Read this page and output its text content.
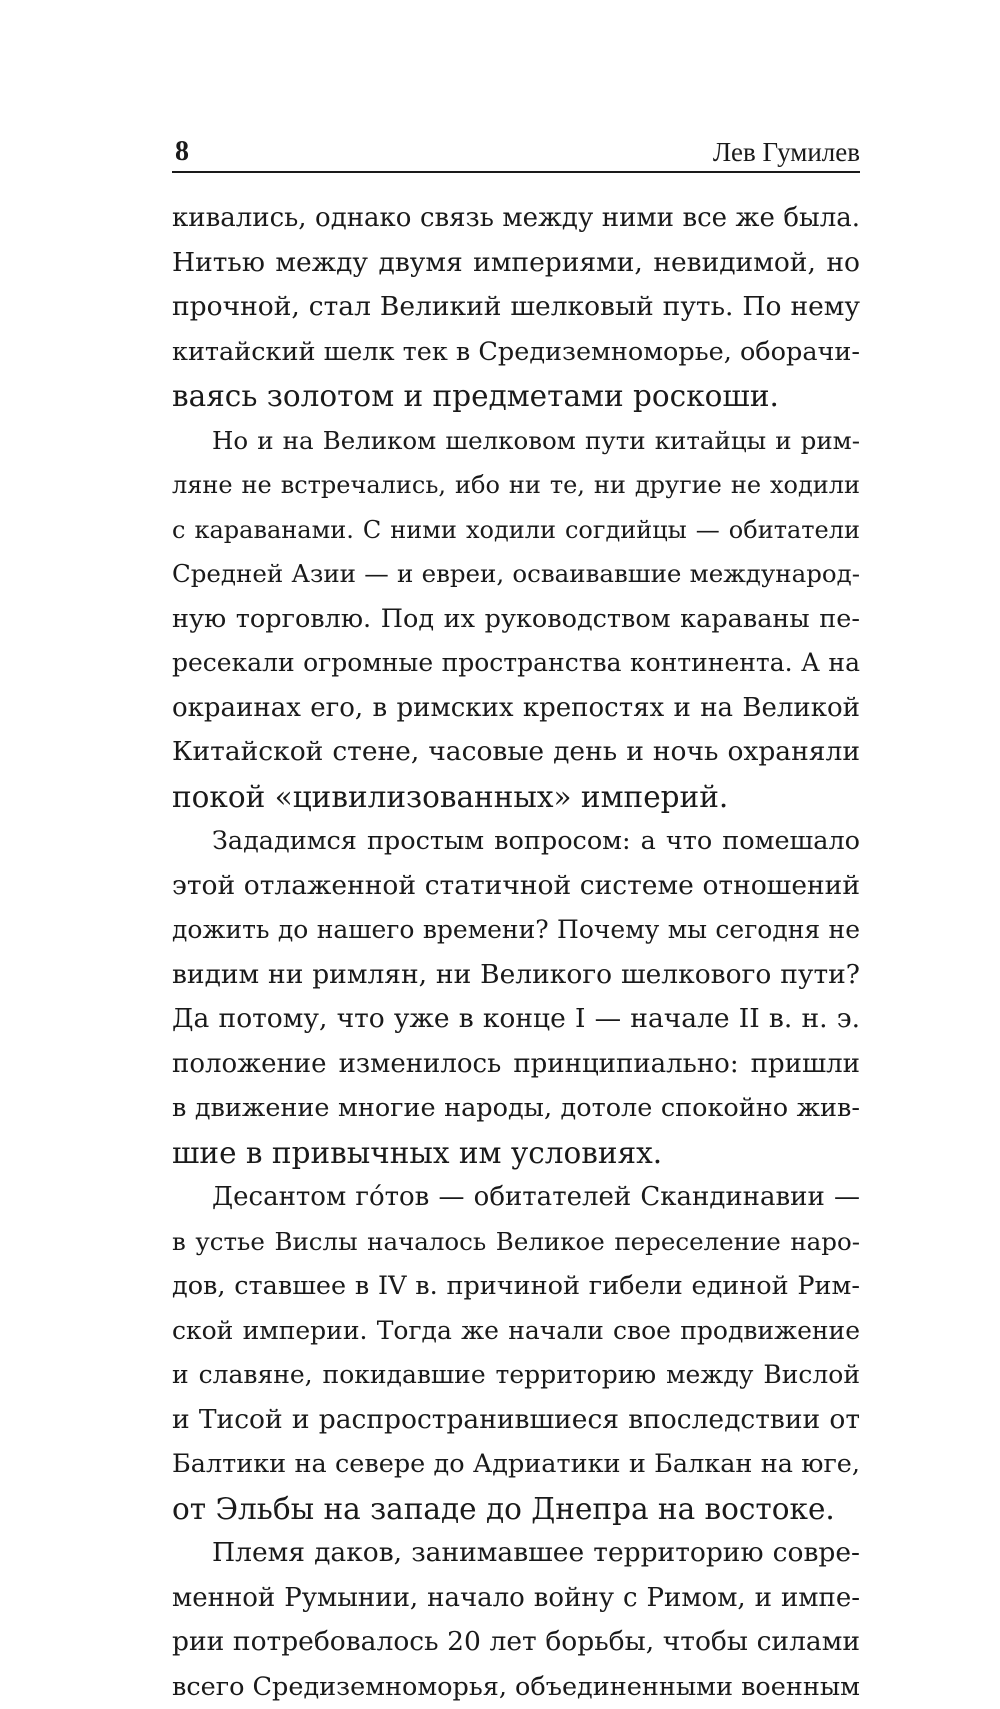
8	Лев Гумилев
кивались, однако связь между ними все же была.
Нитью между двумя империями, невидимой, но
прочной, стал Великий шелковый путь. По нему
китайский шелк тек в Средиземноморье, оборачи-
ваясь золотом и предметами роскоши.
Но и на Великом шелковом пути китайцы и рим-
ляне не встречались, ибо ни те, ни другие не ходили
с караванами. С ними ходили согдийцы — обитатели
Средней Азии — и евреи, осваивавшие международ-
ную торговлю. Под их руководством караваны пе-
ресекали огромные пространства континента. А на
окраинах его, в римских крепостях и на Великой
Китайской стене, часовые день и ночь охраняли
покой «цивилизованных» империй.
Зададимся простым вопросом: а что помешало
этой отлаженной статичной системе отношений
дожить до нашего времени? Почему мы сегодня не
видим ни римлян, ни Великого шелкового пути?
Да потому, что уже в конце I — начале II в. н. э.
положение изменилось принципиально: пришли
в движение многие народы, дотоле спокойно жив-
шие в привычных им условиях.
Десантом го́тов — обитателей Скандинавии —
в устье Вислы началось Великое переселение наро-
дов, ставшее в IV в. причиной гибели единой Рим-
ской империи. Тогда же начали свое продвижение
и славяне, покидавшие территорию между Вислой
и Тисой и распространившиеся впоследствии от
Балтики на севере до Адриатики и Балкан на юге,
от Эльбы на западе до Днепра на востоке.
Племя даков, занимавшее территорию совре-
менной Румынии, начало войну с Римом, и импе-
рии потребовалось 20 лет борьбы, чтобы силами
всего Средиземноморья, объединенными военным
